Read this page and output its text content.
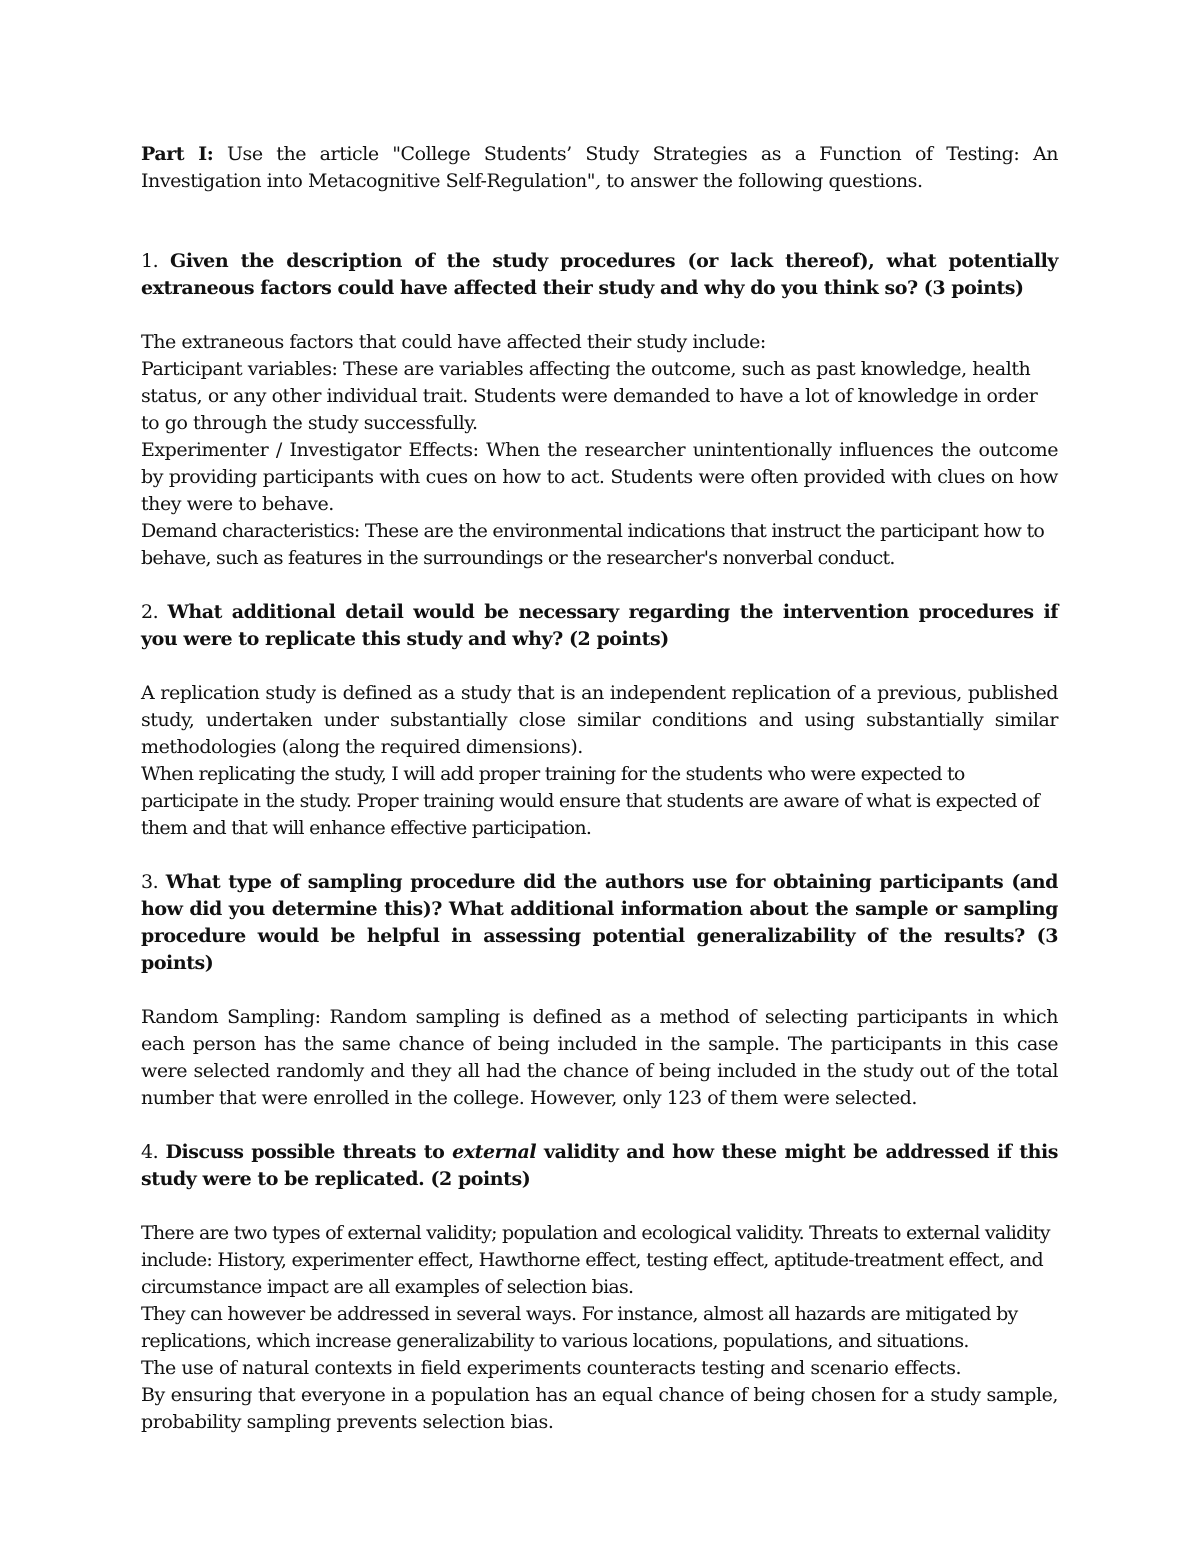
Part I: Use the article "College Students’ Study Strategies as a Function of Testing: An Investigation into Metacognitive Self-Regulation", to answer the following questions.

1. Given the description of the study procedures (or lack thereof), what potentially extraneous factors could have affected their study and why do you think so? (3 points)

The extraneous factors that could have affected their study include:

Participant variables: These are variables affecting the outcome, such as past knowledge, health status, or any other individual trait. Students were demanded to have a lot of knowledge in order to go through the study successfully.

Experimenter / Investigator Effects: When the researcher unintentionally influences the outcome by providing participants with cues on how to act. Students were often provided with clues on how they were to behave.

Demand characteristics: These are the environmental indications that instruct the participant how to behave, such as features in the surroundings or the researcher's nonverbal conduct.

2. What additional detail would be necessary regarding the intervention procedures if you were to replicate this study and why? (2 points)

A replication study is defined as a study that is an independent replication of a previous, published study, undertaken under substantially close similar conditions and using substantially similar methodologies (along the required dimensions).

When replicating the study, I will add proper training for the students who were expected to participate in the study. Proper training would ensure that students are aware of what is expected of them and that will enhance effective participation.

3. What type of sampling procedure did the authors use for obtaining participants (and how did you determine this)? What additional information about the sample or sampling procedure would be helpful in assessing potential generalizability of the results? (3 points)

Random Sampling: Random sampling is defined as a method of selecting participants in which each person has the same chance of being included in the sample. The participants in this case were selected randomly and they all had the chance of being included in the study out of the total number that were enrolled in the college. However, only 123 of them were selected.

4. Discuss possible threats to external validity and how these might be addressed if this study were to be replicated. (2 points)

There are two types of external validity; population and ecological validity. Threats to external validity include: History, experimenter effect, Hawthorne effect, testing effect, aptitude-treatment effect, and circumstance impact are all examples of selection bias.

They can however be addressed in several ways. For instance, almost all hazards are mitigated by replications, which increase generalizability to various locations, populations, and situations.

The use of natural contexts in field experiments counteracts testing and scenario effects.

By ensuring that everyone in a population has an equal chance of being chosen for a study sample, probability sampling prevents selection bias.
